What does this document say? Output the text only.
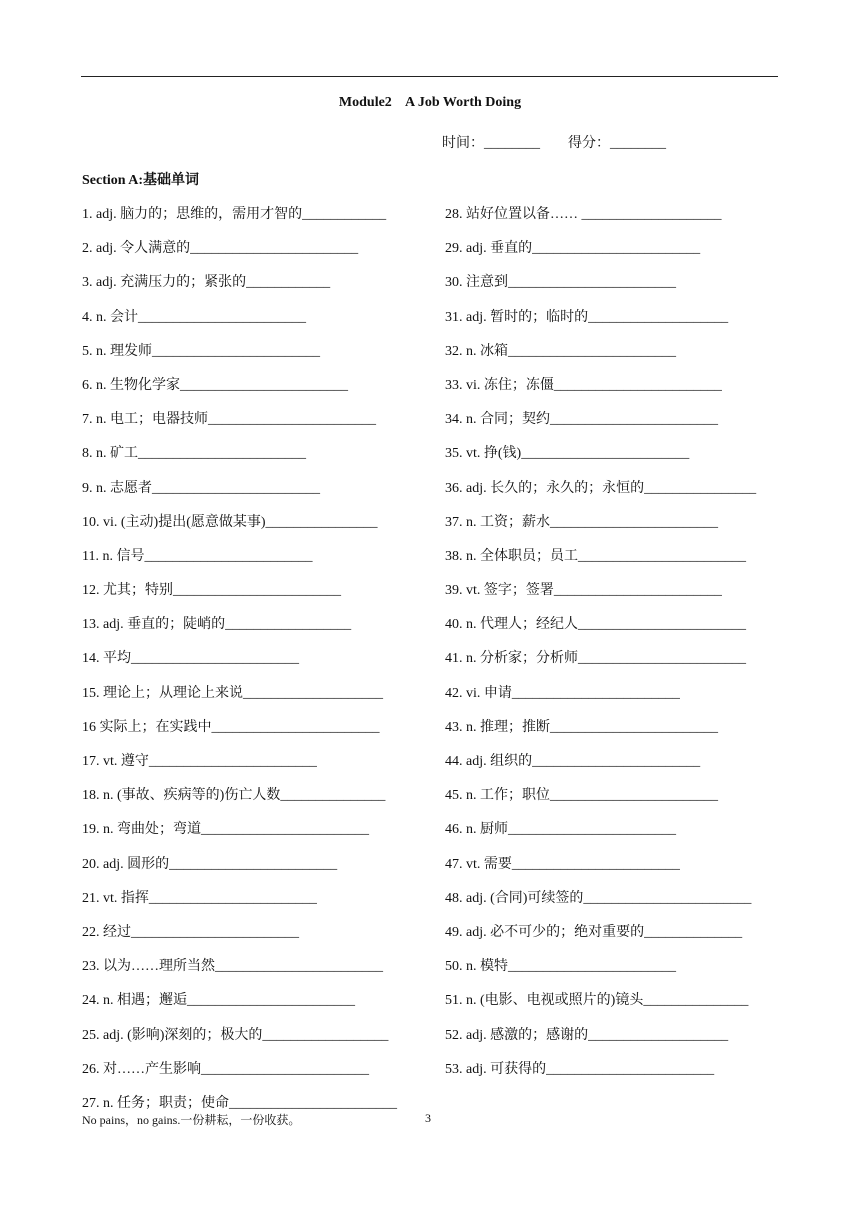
Module2    A Job Worth Doing
时间：________        得分：________
Section A:基础单词
1. adj. 脑力的；思维的，需用才智的____________
2. adj. 令人满意的________________________
3. adj. 充满压力的；紧张的____________
4. n. 会计________________________
5. n. 理发师________________________
6. n. 生物化学家________________________
7. n. 电工；电器技师________________________
8. n. 矿工________________________
9. n. 志愿者________________________
10. vi. (主动)提出(愿意做某事)________________
11. n. 信号________________________
12. 尤其；特别________________________
13. adj. 垂直的；陡峭的__________________
14. 平均________________________
15. 理论上；从理论上来说____________________
16 实际上；在实践中________________________
17. vt. 遵守________________________
18. n. (事故、疾病等的)伤亡人数_______________
19. n. 弯曲处；弯道________________________
20. adj. 圆形的________________________
21. vt. 指挥________________________
22. 经过________________________
23. 以为……理所当然________________________
24. n. 相遇；邂逅________________________
25. adj. (影响)深刻的；极大的__________________
26. 对……产生影响________________________
27. n. 任务；职责；使命________________________
28. 站好位置以备…… ____________________
29. adj. 垂直的________________________
30. 注意到________________________
31. adj. 暂时的；临时的____________________
32. n. 冰箱________________________
33. vi. 冻住；冻僵________________________
34. n. 合同；契约________________________
35. vt. 挣(钱)________________________
36. adj. 长久的；永久的；永恒的________________
37. n. 工资；薪水________________________
38. n. 全体职员；员工________________________
39. vt. 签字；签署________________________
40. n. 代理人；经纪人________________________
41. n. 分析家；分析师________________________
42. vi. 申请________________________
43. n. 推理；推断________________________
44. adj. 组织的________________________
45. n. 工作；职位________________________
46. n. 厨师________________________
47. vt. 需要________________________
48. adj. (合同)可续签的________________________
49. adj. 必不可少的；绝对重要的______________
50. n. 模特________________________
51. n. (电影、电视或照片的)镜头_______________
52. adj. 感激的；感谢的____________________
53. adj. 可获得的________________________
No pains，no gains.一份耕耘，一份收获。	3
